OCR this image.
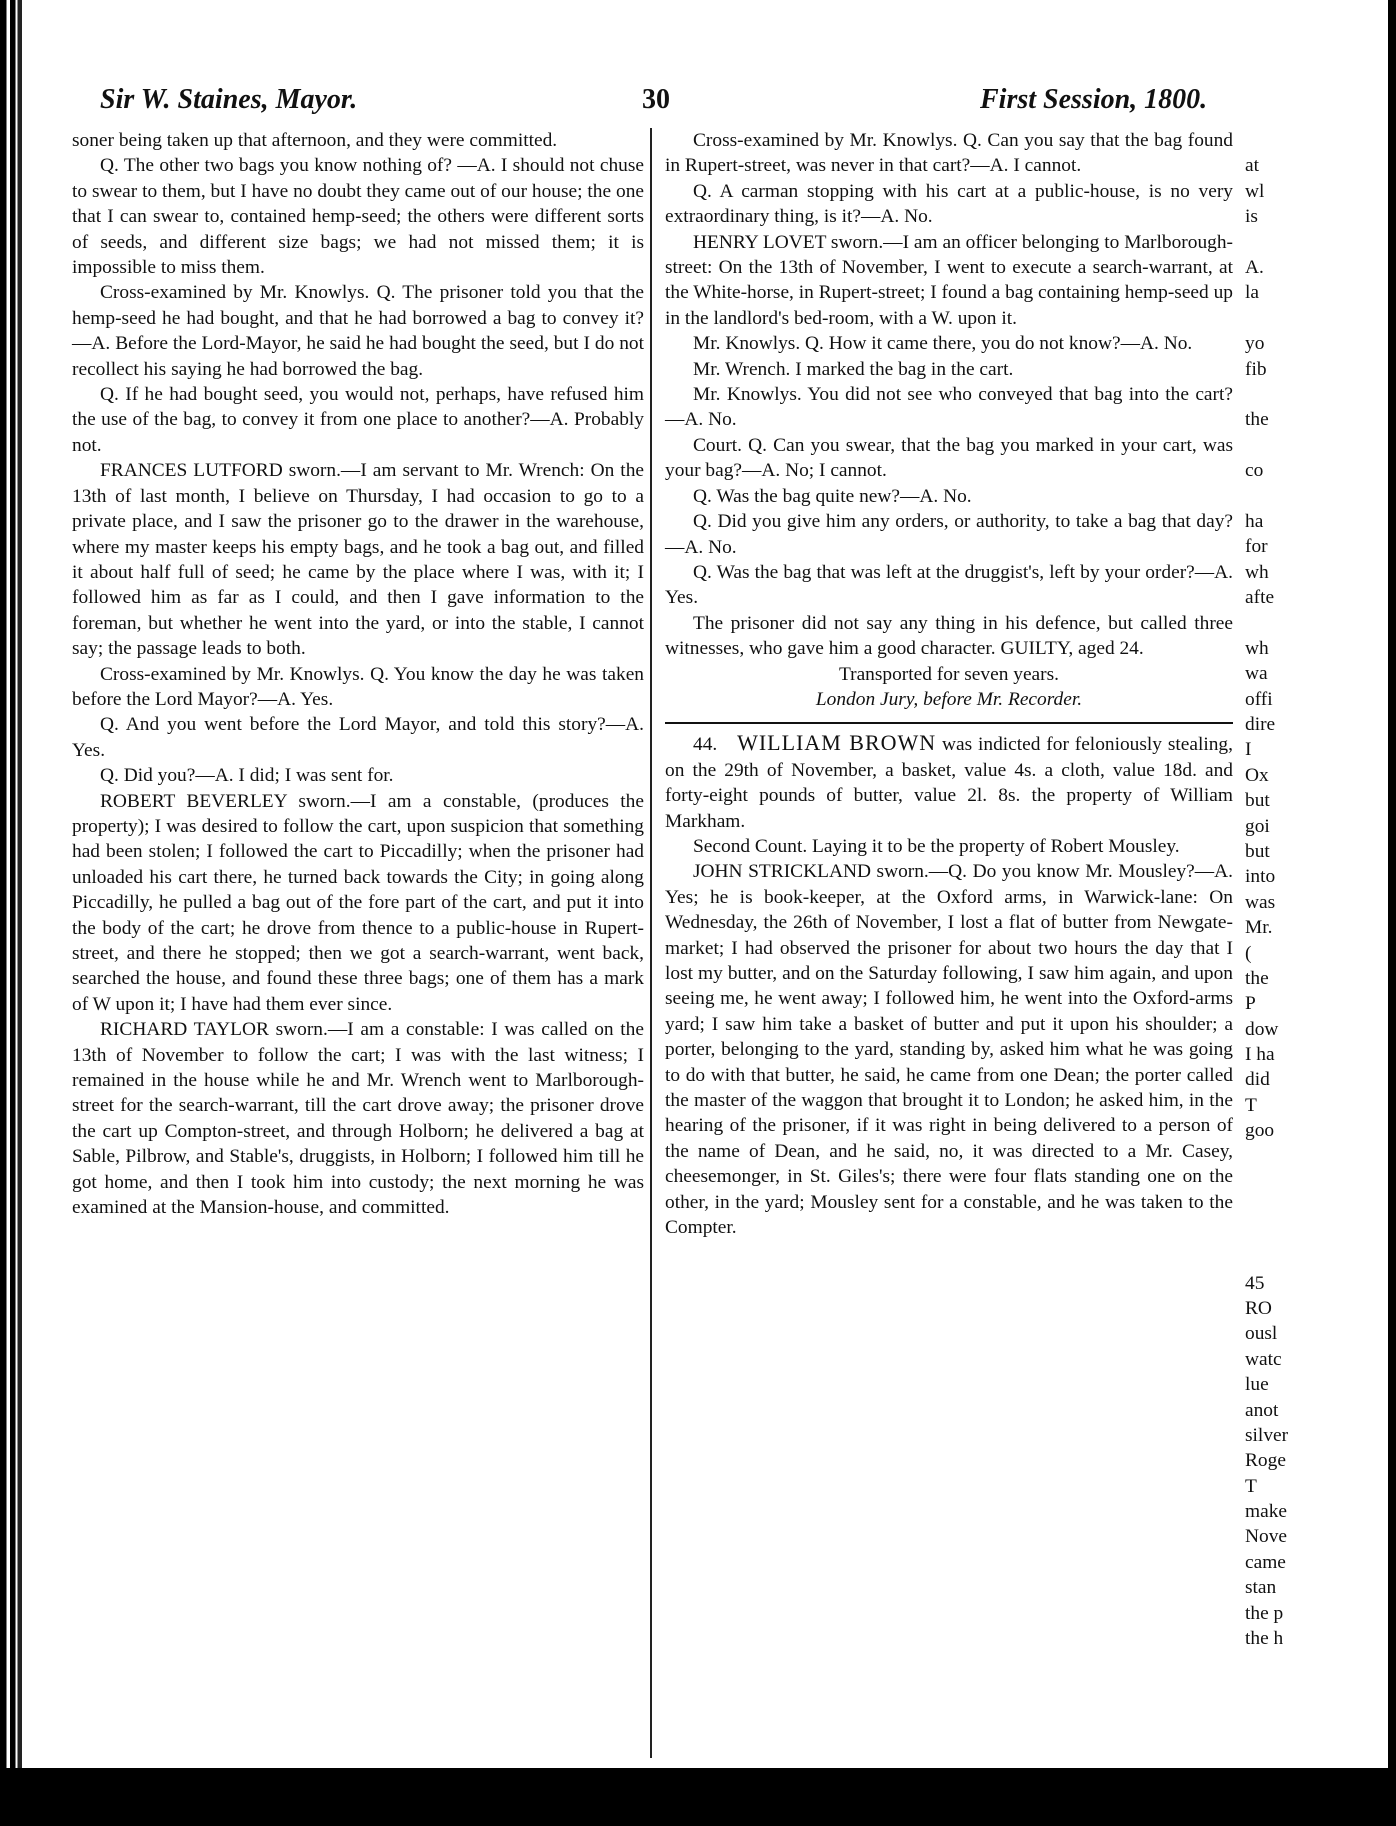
Sir W. Staines, Mayor.	30	First Session, 1800.

soner being taken up that afternoon, and they were committed.

Q. The other two bags you know nothing of? —A. I should not chuse to swear to them, but I have no doubt they came out of our house; the one that I can swear to, contained hemp-seed; the others were different sorts of seeds, and different size bags; we had not missed them; it is impossible to miss them.

Cross-examined by Mr. Knowlys. Q. The prisoner told you that the hemp-seed he had bought, and that he had borrowed a bag to convey it?—A. Before the Lord-Mayor, he said he had bought the seed, but I do not recollect his saying he had borrowed the bag.

Q. If he had bought seed, you would not, perhaps, have refused him the use of the bag, to convey it from one place to another?—A. Probably not.

FRANCES LUTFORD sworn.—I am servant to Mr. Wrench: On the 13th of last month, I believe on Thursday, I had occasion to go to a private place, and I saw the prisoner go to the drawer in the warehouse, where my master keeps his empty bags, and he took a bag out, and filled it about half full of seed; he came by the place where I was, with it; I followed him as far as I could, and then I gave information to the foreman, but whether he went into the yard, or into the stable, I cannot say; the passage leads to both.

Cross-examined by Mr. Knowlys. Q. You know the day he was taken before the Lord Mayor?—A. Yes.

Q. And you went before the Lord Mayor, and told this story?—A. Yes.

Q. Did you?—A. I did; I was sent for.

ROBERT BEVERLEY sworn.—I am a constable, (produces the property); I was desired to follow the cart, upon suspicion that something had been stolen; I followed the cart to Piccadilly; when the prisoner had unloaded his cart there, he turned back towards the City; in going along Piccadilly, he pulled a bag out of the fore part of the cart, and put it into the body of the cart; he drove from thence to a public-house in Rupert-street, and there he stopped; then we got a search-warrant, went back, searched the house, and found these three bags; one of them has a mark of W upon it; I have had them ever since.

RICHARD TAYLOR sworn.—I am a constable: I was called on the 13th of November to follow the cart; I was with the last witness; I remained in the house while he and Mr. Wrench went to Marlborough-street for the search-warrant, till the cart drove away; the prisoner drove the cart up Compton-street, and through Holborn; he delivered a bag at Sable, Pilbrow, and Stable's, druggists, in Holborn; I followed him till he got home, and then I took him into custody; the next morning he was examined at the Mansion-house, and committed.

Cross-examined by Mr. Knowlys. Q. Can you say that the bag found in Rupert-street, was never in that cart?—A. I cannot.

Q. A carman stopping with his cart at a public-house, is no very extraordinary thing, is it?—A. No.

HENRY LOVET sworn.—I am an officer belonging to Marlborough-street: On the 13th of November, I went to execute a search-warrant, at the White-horse, in Rupert-street; I found a bag containing hemp-seed up in the landlord's bed-room, with a W. upon it.

Mr. Knowlys. Q. How it came there, you do not know?—A. No.

Mr. Wrench. I marked the bag in the cart.

Mr. Knowlys. You did not see who conveyed that bag into the cart?—A. No.

Court. Q. Can you swear, that the bag you marked in your cart, was your bag?—A. No; I cannot.

Q. Was the bag quite new?—A. No.

Q. Did you give him any orders, or authority, to take a bag that day?—A. No.

Q. Was the bag that was left at the druggist's, left by your order?—A. Yes.

The prisoner did not say any thing in his defence, but called three witnesses, who gave him a good character. GUILTY, aged 24.

Transported for seven years.

London Jury, before Mr. Recorder.

44. WILLIAM BROWN was indicted for feloniously stealing, on the 29th of November, a basket, value 4s. a cloth, value 18d. and forty-eight pounds of butter, value 2l. 8s. the property of William Markham.

Second Count. Laying it to be the property of Robert Mousley.

JOHN STRICKLAND sworn.—Q. Do you know Mr. Mousley?—A. Yes; he is book-keeper, at the Oxford arms, in Warwick-lane: On Wednesday, the 26th of November, I lost a flat of butter from Newgate-market; I had observed the prisoner for about two hours the day that I lost my butter, and on the Saturday following, I saw him again, and upon seeing me, he went away; I followed him, he went into the Oxford-arms yard; I saw him take a basket of butter and put it upon his shoulder; a porter, belonging to the yard, standing by, asked him what he was going to do with that butter, he said, he came from one Dean; the porter called the master of the waggon that brought it to London; he asked him, in the hearing of the prisoner, if it was right in being delivered to a person of the name of Dean, and he said, no, it was directed to a Mr. Casey, cheesemonger, in St. Giles's; there were four flats standing one on the other, in the yard; Mousley sent for a constable, and he was taken to the Compter.

at
wl
is
A.
la
yo
fib
the
co
ha
for
wh
afte
wh
wa
offi
dire
I
Ox
but
goi
but
into
was
Mr.
(
the
P
dow
I ha
did
T
goo
45
RO
ousl
watc
lue
anot
silver
Roge
T
make
Nove
came
stan
the p
the h
